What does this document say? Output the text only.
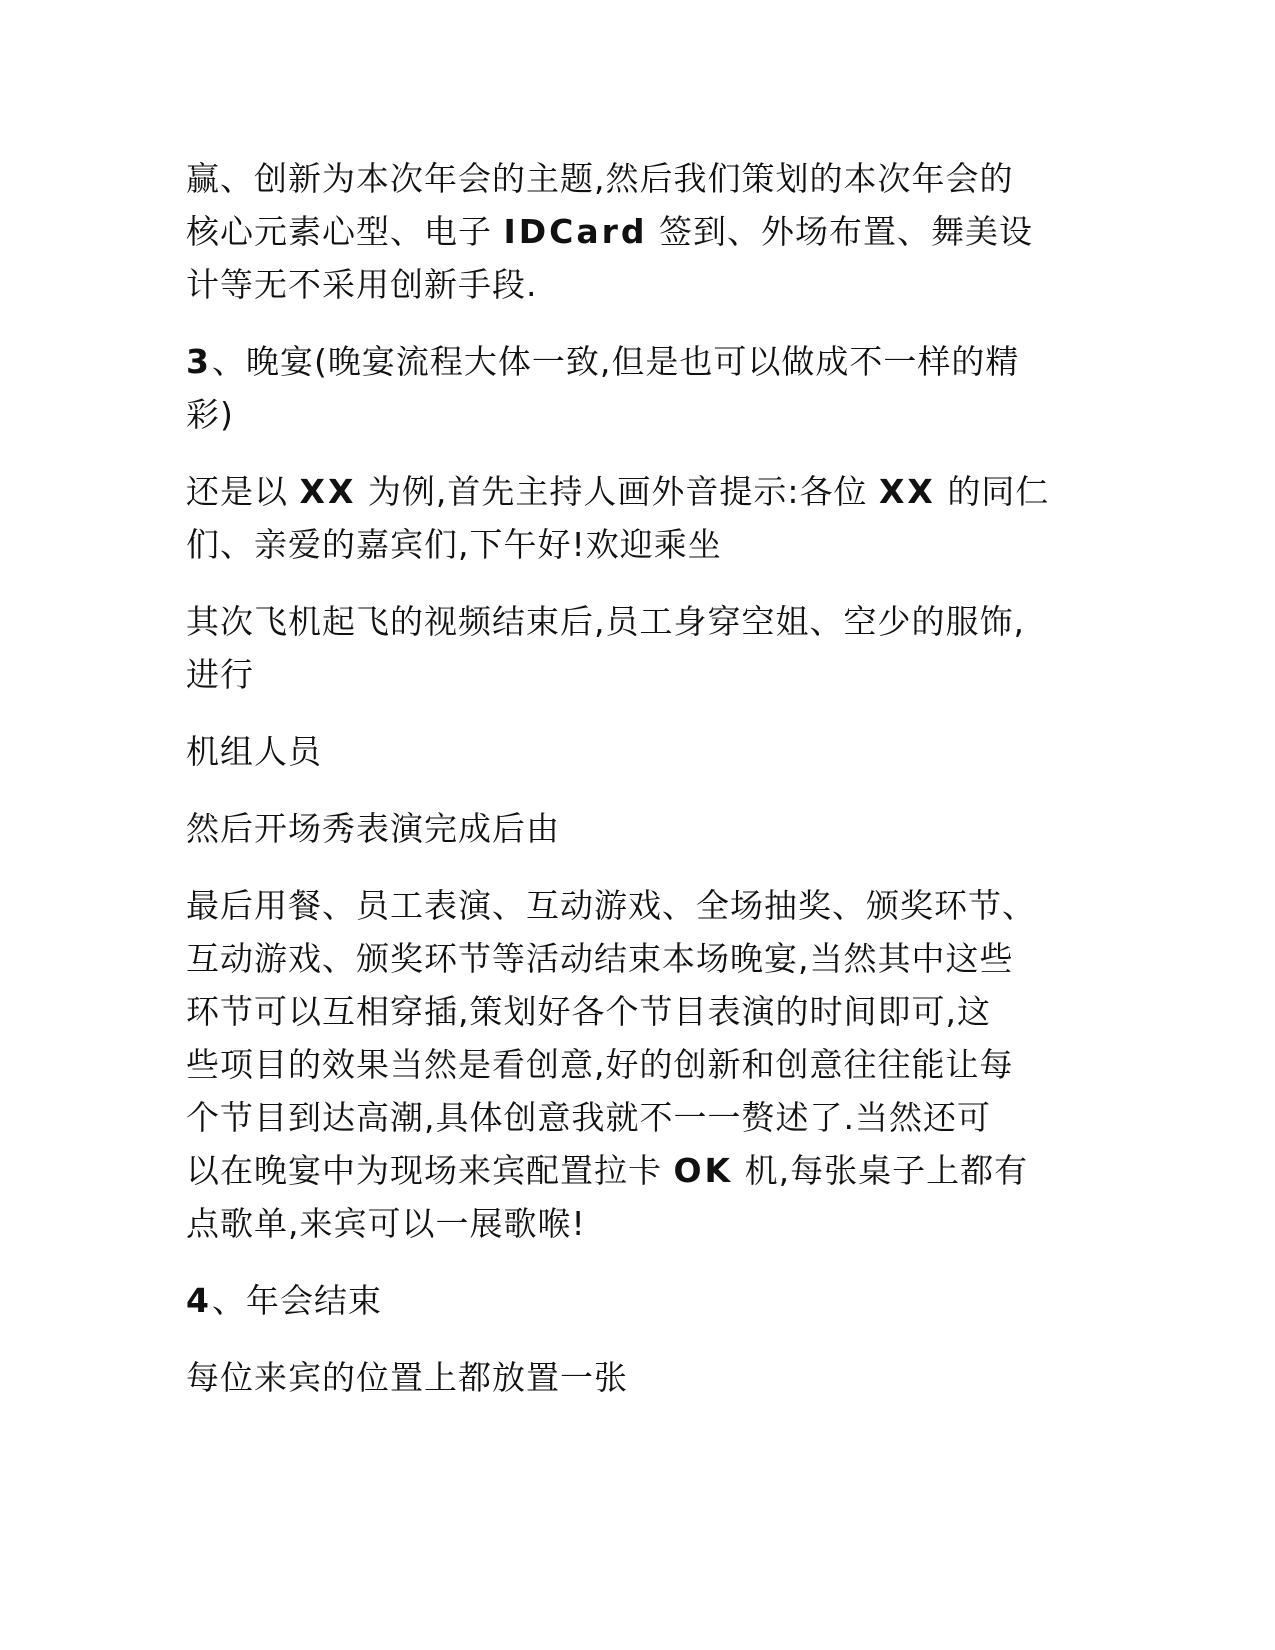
赢、创新为本次年会的主题,然后我们策划的本次年会的
核心元素心型、电子 IDCard 签到、外场布置、舞美设
计等无不采用创新手段.

3、晚宴(晚宴流程大体一致,但是也可以做成不一样的精
彩)

还是以 XX 为例,首先主持人画外音提示:各位 XX 的同仁
们、亲爱的嘉宾们,下午好!欢迎乘坐

其次飞机起飞的视频结束后,员工身穿空姐、空少的服饰,
进行

机组人员

然后开场秀表演完成后由

最后用餐、员工表演、互动游戏、全场抽奖、颁奖环节、
互动游戏、颁奖环节等活动结束本场晚宴,当然其中这些
环节可以互相穿插,策划好各个节目表演的时间即可,这
些项目的效果当然是看创意,好的创新和创意往往能让每
个节目到达高潮,具体创意我就不一一赘述了.当然还可
以在晚宴中为现场来宾配置拉卡 OK 机,每张桌子上都有
点歌单,来宾可以一展歌喉!

4、年会结束

每位来宾的位置上都放置一张
